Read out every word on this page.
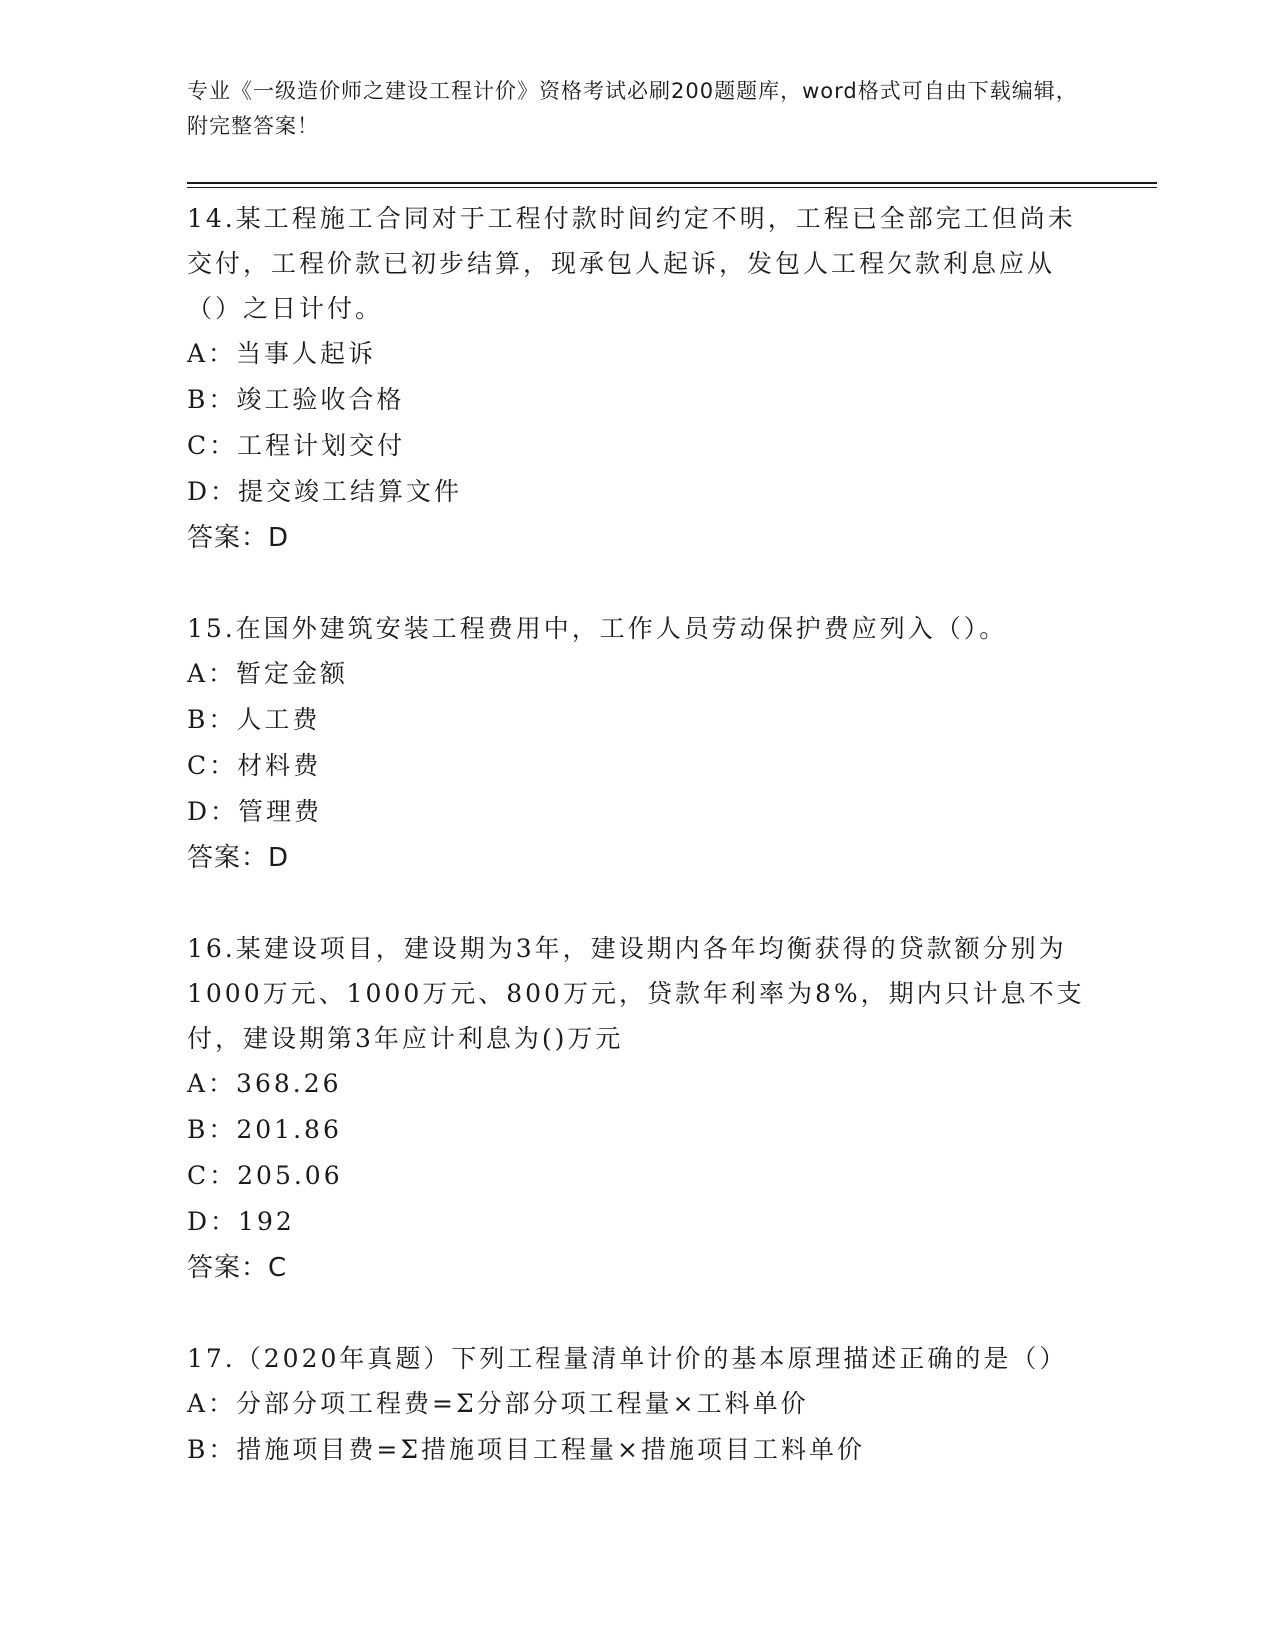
专业《一级造价师之建设工程计价》资格考试必刷200题题库，word格式可自由下载编辑，附完整答案！
14.某工程施工合同对于工程付款时间约定不明，工程已全部完工但尚未交付，工程价款已初步结算，现承包人起诉，发包人工程欠款利息应从（）之日计付。
A：当事人起诉
B：竣工验收合格
C：工程计划交付
D：提交竣工结算文件
答案：D
15.在国外建筑安装工程费用中，工作人员劳动保护费应列入（）。
A：暂定金额
B：人工费
C：材料费
D：管理费
答案：D
16.某建设项目，建设期为3年，建设期内各年均衡获得的贷款额分别为1000万元、1000万元、800万元，贷款年利率为8%，期内只计息不支付，建设期第3年应计利息为()万元
A：368.26
B：201.86
C：205.06
D：192
答案：C
17.（2020年真题）下列工程量清单计价的基本原理描述正确的是（）
A：分部分项工程费=Σ分部分项工程量×工料单价
B：措施项目费=Σ措施项目工程量×措施项目工料单价
